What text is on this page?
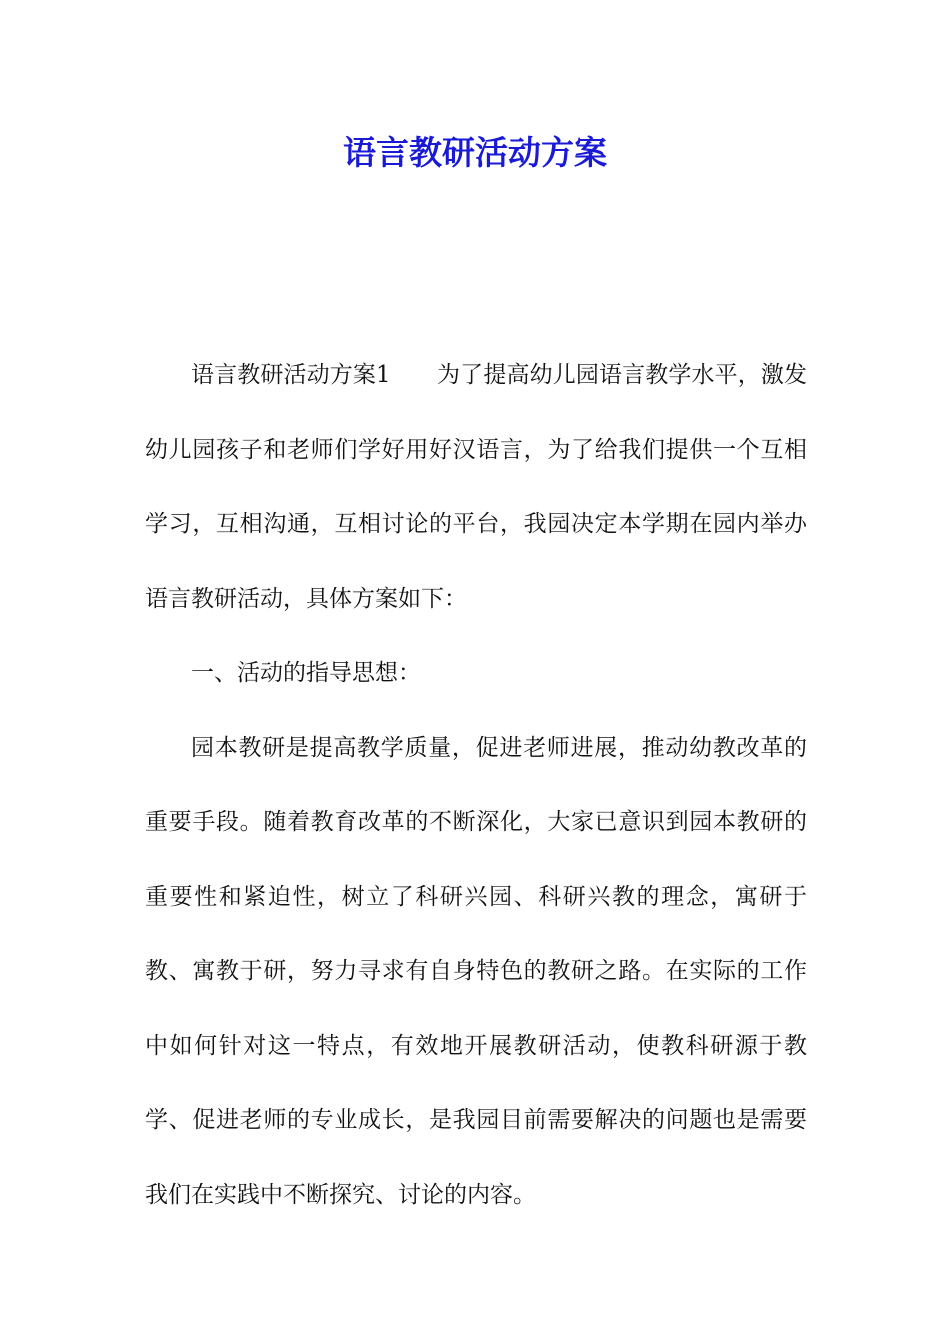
语言教研活动方案

语言教研活动方案1　　为了提高幼儿园语言教学水平，激发幼儿园孩子和老师们学好用好汉语言，为了给我们提供一个互相学习，互相沟通，互相讨论的平台，我园决定本学期在园内举办语言教研活动，具体方案如下：

一、活动的指导思想：

园本教研是提高教学质量，促进老师进展，推动幼教改革的重要手段。随着教育改革的不断深化，大家已意识到园本教研的重要性和紧迫性，树立了科研兴园、科研兴教的理念，寓研于教、寓教于研，努力寻求有自身特色的教研之路。在实际的工作中如何针对这一特点，有效地开展教研活动，使教科研源于教学、促进老师的专业成长，是我园目前需要解决的问题也是需要我们在实践中不断探究、讨论的内容。
